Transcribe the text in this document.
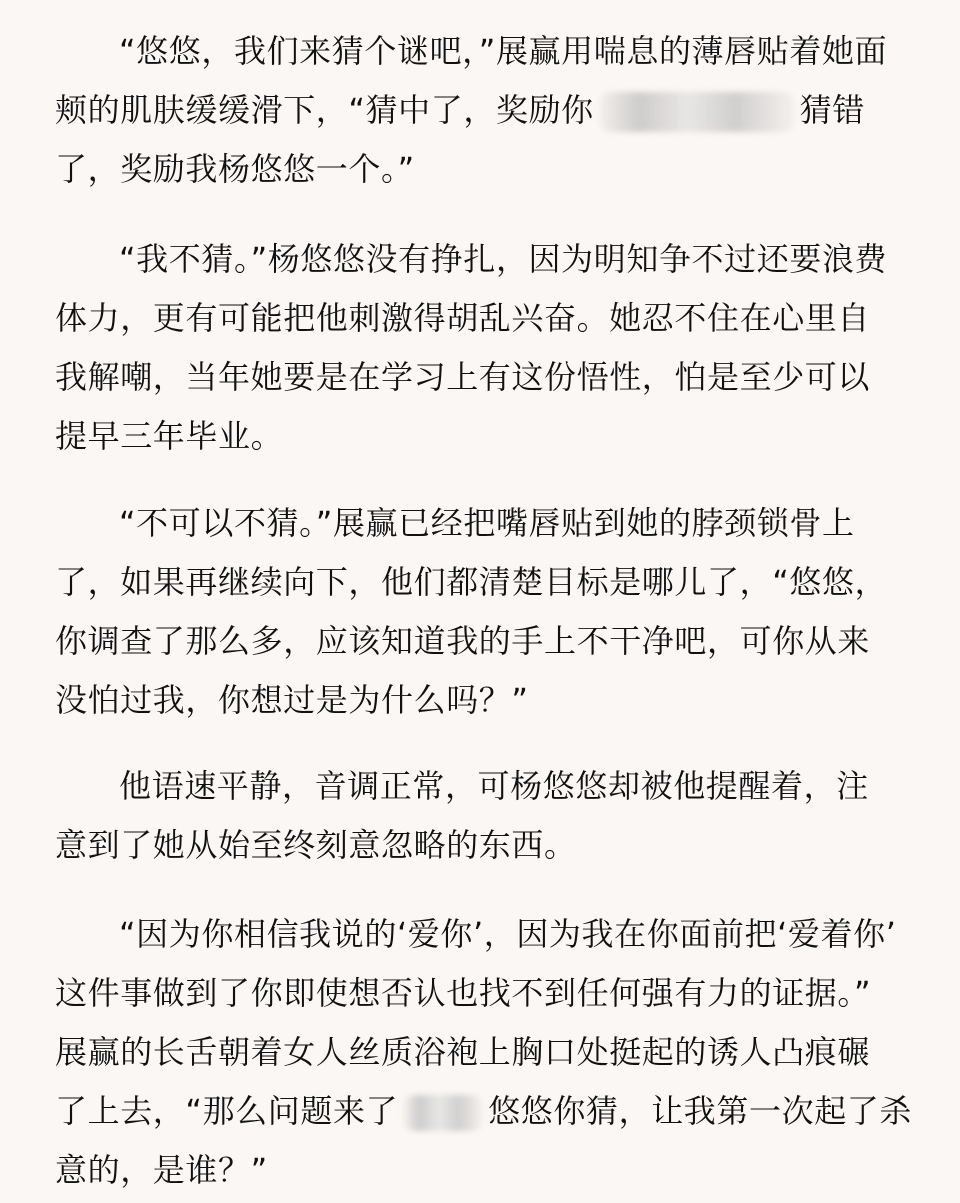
“悠悠，我们来猜个谜吧，”展赢用喘息的薄唇贴着她面
颊的肌肤缓缓滑下，“猜中了，奖励你	猜错
了，奖励我杨悠悠一个。”
“我不猜。”杨悠悠没有挣扎，因为明知争不过还要浪费
体力，更有可能把他刺激得胡乱兴奋。她忍不住在心里自
我解嘲，当年她要是在学习上有这份悟性，怕是至少可以
提早三年毕业。
“不可以不猜。”展赢已经把嘴唇贴到她的脖颈锁骨上
了，如果再继续向下，他们都清楚目标是哪儿了，“悠悠，
你调查了那么多，应该知道我的手上不干净吧，可你从来
没怕过我，你想过是为什么吗？”
他语速平静，音调正常，可杨悠悠却被他提醒着，注
意到了她从始至终刻意忽略的东西。
“因为你相信我说的‘爱你’，因为我在你面前把‘爱着你’
这件事做到了你即使想否认也找不到任何强有力的证据。”
展赢的长舌朝着女人丝质浴袍上胸口处挺起的诱人凸痕碾
了上去，“那么问题来了	悠悠你猜，让我第一次起了杀
意的，是谁？”
